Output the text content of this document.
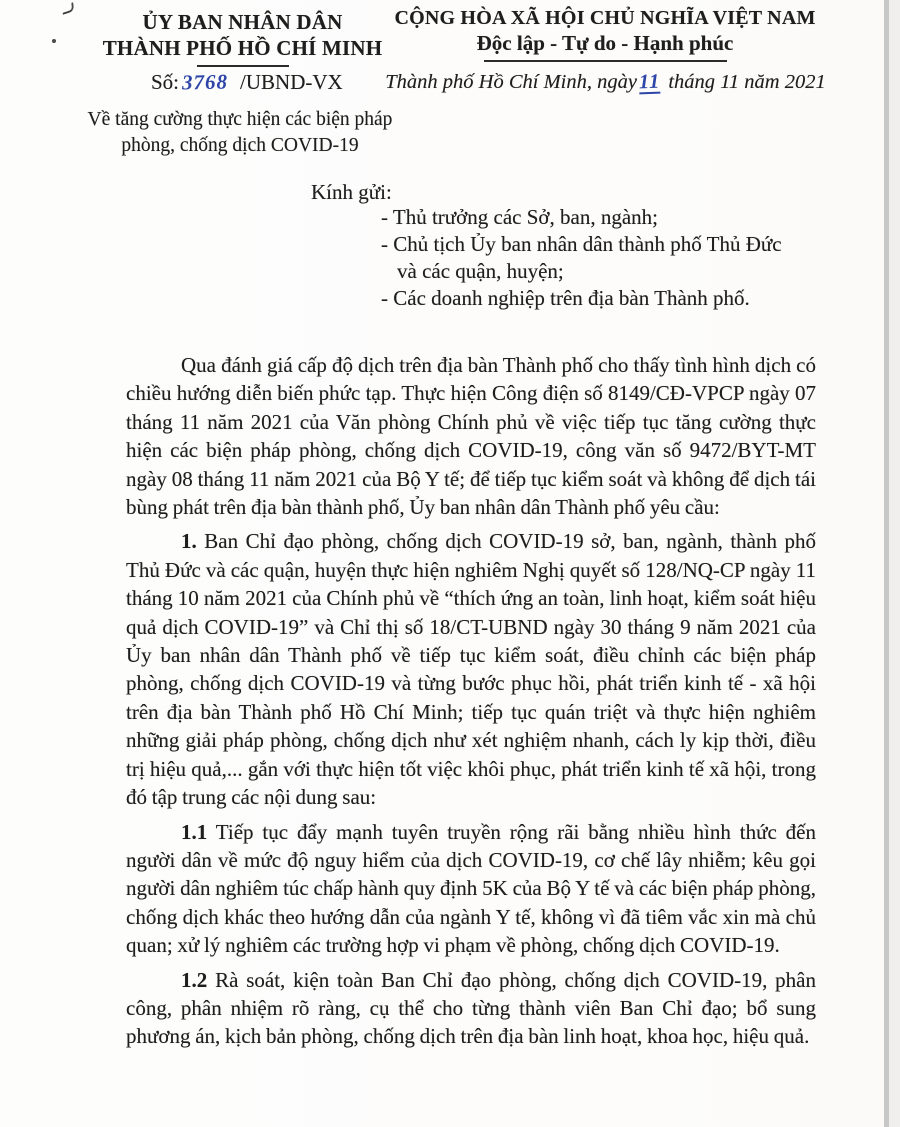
ỦY BAN NHÂN DÂN
THÀNH PHỐ HỒ CHÍ MINH
CỘNG HÒA XÃ HỘI CHỦ NGHĨA VIỆT NAM
Độc lập - Tự do - Hạnh phúc
Số: 3768 /UBND-VX Thành phố Hồ Chí Minh, ngày11 tháng 11 năm 2021
Về tăng cường thực hiện các biện pháp
phòng, chống dịch COVID-19
Kính gửi:
- Thủ trưởng các Sở, ban, ngành;
- Chủ tịch Ủy ban nhân dân thành phố Thủ Đức
và các quận, huyện;
- Các doanh nghiệp trên địa bàn Thành phố.

Qua đánh giá cấp độ dịch trên địa bàn Thành phố cho thấy tình hình dịch có chiều hướng diễn biến phức tạp. Thực hiện Công điện số 8149/CĐ-VPCP ngày 07 tháng 11 năm 2021 của Văn phòng Chính phủ về việc tiếp tục tăng cường thực hiện các biện pháp phòng, chống dịch COVID-19, công văn số 9472/BYT-MT ngày 08 tháng 11 năm 2021 của Bộ Y tế; để tiếp tục kiểm soát và không để dịch tái bùng phát trên địa bàn thành phố, Ủy ban nhân dân Thành phố yêu cầu:

1. Ban Chỉ đạo phòng, chống dịch COVID-19 sở, ban, ngành, thành phố Thủ Đức và các quận, huyện thực hiện nghiêm Nghị quyết số 128/NQ-CP ngày 11 tháng 10 năm 2021 của Chính phủ về “thích ứng an toàn, linh hoạt, kiểm soát hiệu quả dịch COVID-19” và Chỉ thị số 18/CT-UBND ngày 30 tháng 9 năm 2021 của Ủy ban nhân dân Thành phố về tiếp tục kiểm soát, điều chỉnh các biện pháp phòng, chống dịch COVID-19 và từng bước phục hồi, phát triển kinh tế - xã hội trên địa bàn Thành phố Hồ Chí Minh; tiếp tục quán triệt và thực hiện nghiêm những giải pháp phòng, chống dịch như xét nghiệm nhanh, cách ly kịp thời, điều trị hiệu quả,... gắn với thực hiện tốt việc khôi phục, phát triển kinh tế xã hội, trong đó tập trung các nội dung sau:

1.1 Tiếp tục đẩy mạnh tuyên truyền rộng rãi bằng nhiều hình thức đến người dân về mức độ nguy hiểm của dịch COVID-19, cơ chế lây nhiễm; kêu gọi người dân nghiêm túc chấp hành quy định 5K của Bộ Y tế và các biện pháp phòng, chống dịch khác theo hướng dẫn của ngành Y tế, không vì đã tiêm vắc xin mà chủ quan; xử lý nghiêm các trường hợp vi phạm về phòng, chống dịch COVID-19.

1.2 Rà soát, kiện toàn Ban Chỉ đạo phòng, chống dịch COVID-19, phân công, phân nhiệm rõ ràng, cụ thể cho từng thành viên Ban Chỉ đạo; bổ sung phương án, kịch bản phòng, chống dịch trên địa bàn linh hoạt, khoa học, hiệu quả.
